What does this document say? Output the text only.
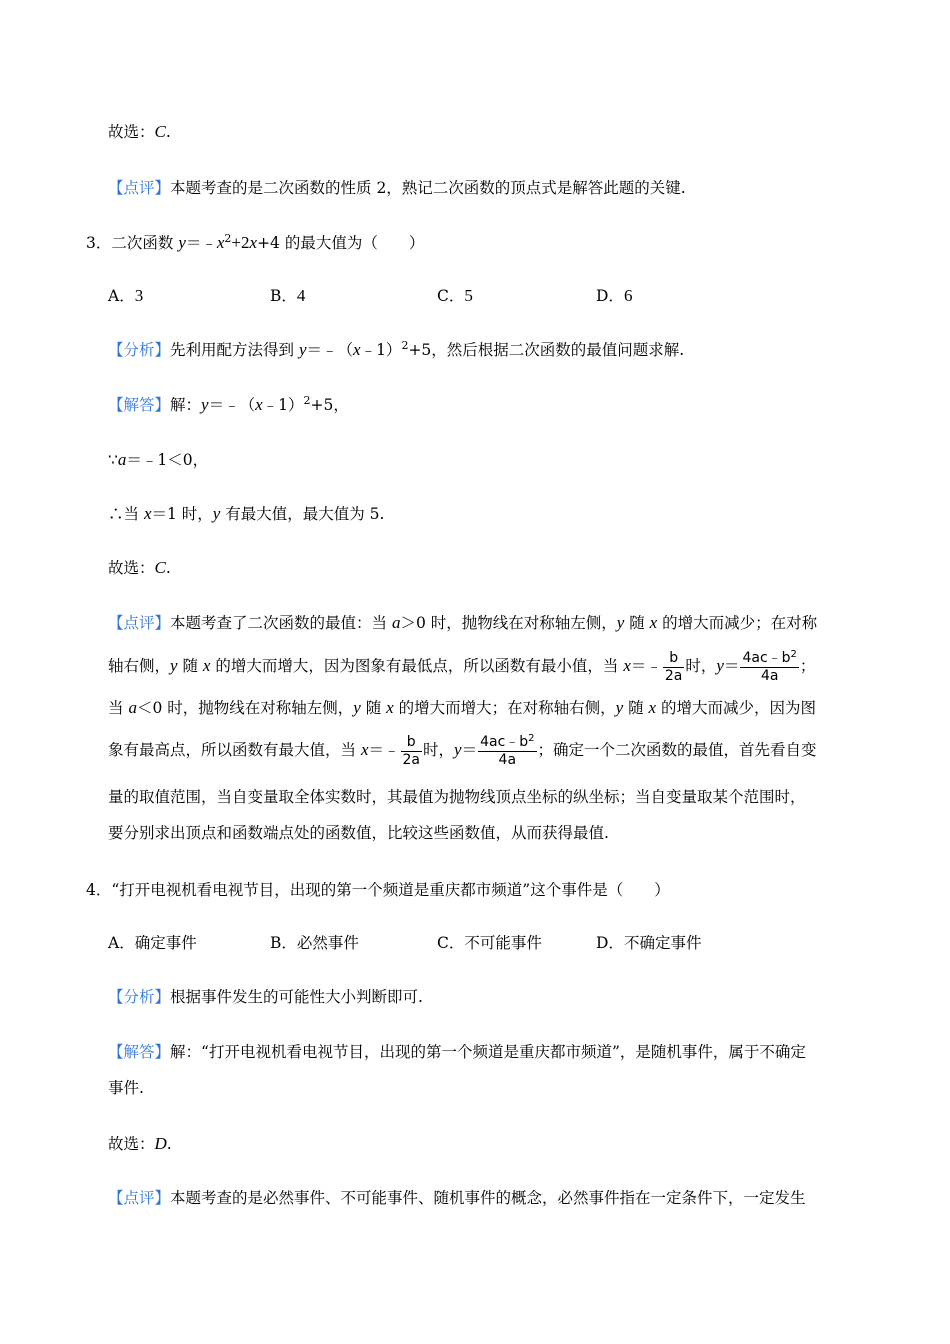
故选：C.
【点评】本题考查的是二次函数的性质 2，熟记二次函数的顶点式是解答此题的关键.
3．二次函数 $y=﹣x^2+2x+4$ 的最大值为（　　）
A．3	B．4	C．5	D．6
【分析】先利用配方法得到 y＝﹣（x﹣1）$^2$+5，然后根据二次函数的最值问题求解.
【解答】解：y＝﹣（x﹣1）$^2$+5，
∵a＝﹣1＜0，
∴当 x＝1 时，y 有最大值，最大值为 5.
故选：C.
【点评】本题考查了二次函数的最值：当 a＞0 时，抛物线在对称轴左侧，y 随 x 的增大而减少；在对称
轴右侧，y 随 x 的增大而增大，因为图象有最低点，所以函数有最小值，当 x＝﹣ $\frac{b}{2a}$ 时，$y= \frac{4ac﹣b^2}{4a}$ ；
当 a＜0 时，抛物线在对称轴左侧，y 随 x 的增大而增大；在对称轴右侧，y 随 x 的增大而减少，因为图
象有最高点，所以函数有最大值，当 x＝﹣ $\frac{b}{2a}$ 时，$y= \frac{4ac﹣b^2}{4a}$ ；确定一个二次函数的最值，首先看自变
量的取值范围，当自变量取全体实数时，其最值为抛物线顶点坐标的纵坐标；当自变量取某个范围时，
要分别求出顶点和函数端点处的函数值，比较这些函数值，从而获得最值.
4．“打开电视机看电视节目，出现的第一个频道是重庆都市频道”这个事件是（　　）
A．确定事件	B．必然事件	C．不可能事件	D．不确定事件
【分析】根据事件发生的可能性大小判断即可.
【解答】解：“打开电视机看电视节目，出现的第一个频道是重庆都市频道”，是随机事件，属于不确定
事件.
故选：D.
【点评】本题考查的是必然事件、不可能事件、随机事件的概念，必然事件指在一定条件下，一定发生
